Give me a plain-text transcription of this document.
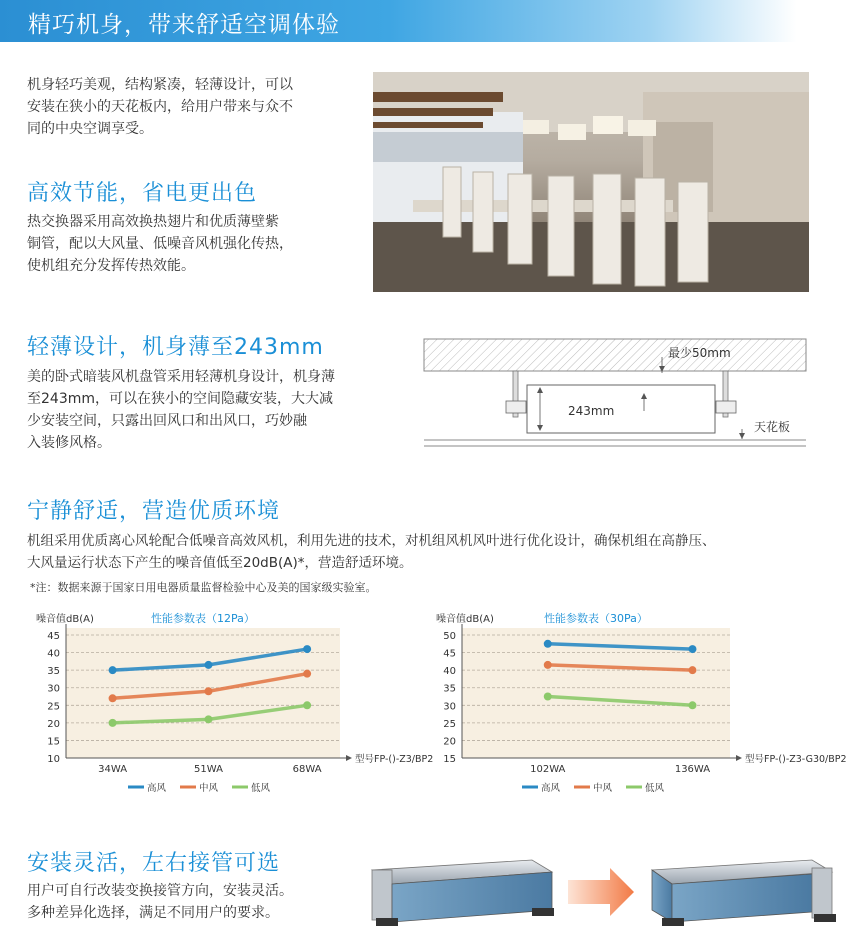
精巧机身，带来舒适空调体验
机身轻巧美观，结构紧凑，轻薄设计，可以
安装在狭小的天花板内，给用户带来与众不
同的中央空调享受。
高效节能，省电更出色
热交换器采用高效换热翅片和优质薄壁紫
铜管，配以大风量、低噪音风机强化传热，
使机组充分发挥传热效能。
轻薄设计，机身薄至243mm
美的卧式暗装风机盘管采用轻薄机身设计，机身薄
至243mm，可以在狭小的空间隐藏安装，大大减
少安装空间，只露出回风口和出风口，巧妙融
入装修风格。
最少50mm
243mm
天花板
宁静舒适，营造优质环境
机组采用优质离心风轮配合低噪音高效风机，利用先进的技术，对机组风机风叶进行优化设计，确保机组在高静压、
大风量运行状态下产生的噪音值低至20dB(A)*，营造舒适环境。
*注：数据来源于国家日用电器质量监督检验中心及美的国家级实验室。
10
15
20
25
30
35
40
45
噪音值dB(A)	性能参数表（12Pa）
型号FP-()-Z3/BP2
34WA	51WA	68WA
高风	中风	低风
15
20
25
30
35
40
45
50
噪音值dB(A)	性能参数表（30Pa）
型号FP-()-Z3-G30/BP2
102WA	136WA
高风	中风	低风
安装灵活，左右接管可选
用户可自行改装变换接管方向，安装灵活。
多种差异化选择，满足不同用户的要求。
